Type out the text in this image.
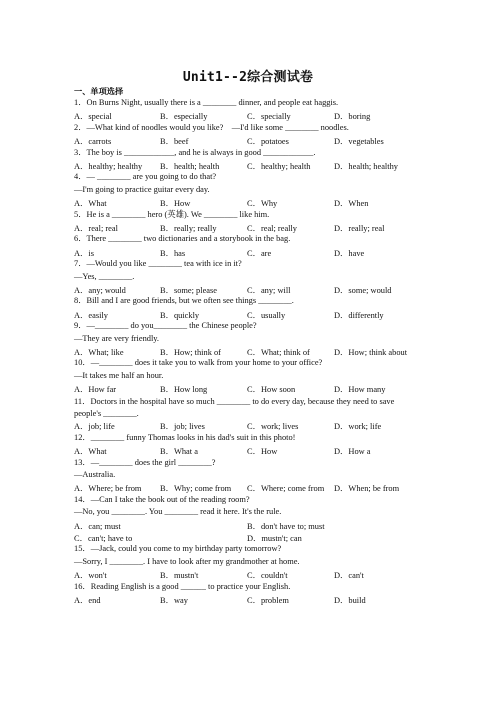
Unit1--2综合测试卷
一、单项选择
1．On Burns Night, usually there is a ________ dinner, and people eat haggis.
A．special	B．especially	C．specially	D．boring
2．—What kind of noodles would you like?　—I'd like some ________ noodles.
A．carrots	B．beef	C．potatoes	D．vegetables
3．The boy is ____________, and he is always in good ____________.
A．healthy; healthy B．health; health	C．healthy; health	D．health; healthy
4．— ________ are you going to do that?
—I'm going to practice guitar every day.
A．What	B．How	C．Why	D．When
5．He is a ________ hero (英雄). We ________ like him.
A．real; real	B．really; really	C．real; really	D．really; real
6．There ________ two dictionaries and a storybook in the bag.
A．is	B．has	C．are	D．have
7．—Would you like ________ tea with ice in it?
—Yes, ________.
A．any; would	B．some; please	C．any; will	D．some; would
8．Bill and I are good friends, but we often see things ________.
A．easily	B．quickly	C．usually	D．differently
9．—________ do you________ the Chinese people?
—They are very friendly.
A．What; like	B．How; think of	C．What; think of	D．How; think about
10．—________ does it take you to walk from your home to your office?
—It takes me half an hour.
A．How far	B．How long	C．How soon	D．How many
11．Doctors in the hospital have so much ________ to do every day, because they need to save people's ________.
A．job; life	B．job; lives	C．work; lives	D．work; life
12．________ funny Thomas looks in his dad's suit in this photo!
A．What	B．What a	C．How	D．How a
13．—________ does the girl ________?
—Australia.
A．Where; be from B．Why; come from C．Where; come from D．When; be from
14．—Can I take the book out of the reading room?
—No, you ________. You ________ read it here. It's the rule.
A．can; must	B．don't have to; must
C．can't; have to	D．mustn't; can
15．—Jack, could you come to my birthday party tomorrow?
—Sorry, I ________. I have to look after my grandmother at home.
A．won't	B．mustn't	C．couldn't	D．can't
16．Reading English is a good ______ to practice your English.
A．end	B．way	C．problem	D．build
